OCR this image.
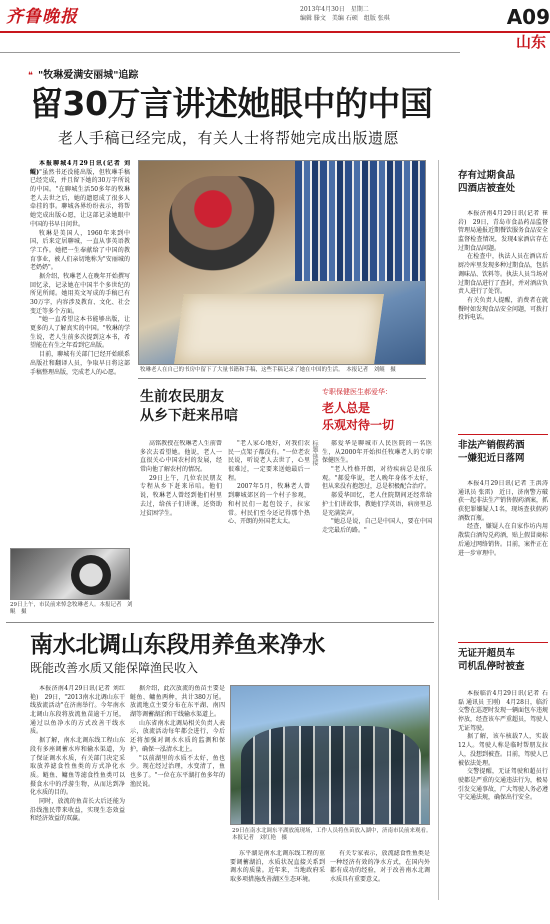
齐鲁晚报	2013年4月30日　星期二
编辑 滕文　美编 石硕　组版 张琪	A09
山东
❝ "牧琳爱满安丽城"追踪
留30万言讲述她眼中的中国
老人手稿已经完成，有关人士将帮她完成出版遗愿

本报聊城4月29日讯(记者 刘鲲)"虽然书还没能出版，但牧琳手稿已经完成，并且留下她的30万字所说的中国。"在聊城生活50多年的牧琳老人去世之后，她的遗愿成了很多人牵挂的事。聊城各界纷纷表示，将帮她完成出版心愿，让这部记录她眼中中国的书早日问世。

牧琳是美国人，1960年来到中国，后来定居聊城，一直从事英语教学工作。她把一生奉献给了中国的教育事业，被人们亲切地称为"安丽城的老奶奶"。

据介绍，牧琳老人在晚年开始撰写回忆录，记录她在中国半个多世纪的所见所闻。她用英文写成的手稿已有30万字，内容涉及教育、文化、社会变迁等多个方面。

"她一直希望这本书能够出版，让更多的人了解真实的中国。"牧琳的学生说，老人生前多次提到这本书，希望能在有生之年看到它出版。

目前，聊城有关部门已经开始联系出版社和翻译人员，争取早日将这部手稿整理出版，完成老人的心愿。	牧琳老人在自己的书房中留下了大量书籍和手稿，这些手稿记录了她在中国的生活。　本报记者　刘鲲　摄
生前农民朋友
从乡下赶来吊唁

高铭教授在牧琳老人生前曾多次去看望她。他说，老人一直很关心中国农村的发展，经常向他了解农村的情况。

29日上午，几位农民朋友专程从乡下赶来吊唁。他们说，牧琳老人曾经到他们村里去过，给孩子们讲课，还资助过贫困学生。

"老人家心地好，对我们农民一点架子都没有。"一位老农民说，听说老人去世了，心里很难过，一定要来送她最后一程。

2007年5月，牧琳老人曾到聊城郊区的一个村子参观，和村民们一起包饺子，拉家常。村民们至今还记得那个热心、开朗的外国老太太。

标题·链接
专职保健医生郝爱华：
老人总是
乐观对待一切

郝爱华是聊城市人民医院的一名医生，从2000年开始担任牧琳老人的专职保健医生。

"老人性格开朗，对待疾病总是很乐观。"郝爱华说，老人晚年身体不太好，但从来没有抱怨过，总是积极配合治疗。

郝爱华回忆，老人住院期间还经常给护士们讲故事，教她们学英语，病房里总是充满笑声。

"她总是说，自己是中国人，要在中国走完最后的路。"

29日上午，市民前来悼念牧琳老人。本报记者　刘鲲　摄
存有过期食品
四酒店被查处

本报济南4月29日讯(记者 崔岩)　29日，青岛市食品药品监督管理局通报近期餐饮服务食品安全监督检查情况，发现4家酒店存在过期食品问题。

在检查中，执法人员在酒店后厨冷库里发现多种过期食品，包括调味品、饮料等。执法人员当场对过期食品进行了查封，并对酒店负责人进行了处罚。

有关负责人提醒，消费者在就餐时如发现食品安全问题，可拨打投诉电话。

非法产销假药酒
一嫌犯近日落网

本报4月29日讯(记者 王洪涛 通讯员 张雷)　近日，济南警方破获一起非法生产销售假药酒案，抓获犯罪嫌疑人1名，现场查获假药酒数百瓶。

经查，嫌疑人在自家作坊内用散装白酒勾兑药酒，贴上假冒商标后通过网络销售。目前，案件正在进一步审理中。

无证开超员车
司机乱停时被查

本报临沂4月29日讯(记者 石磊 通讯员 王刚)　4月28日，临沂交警在巡逻时发现一辆面包车违规停放，经查该车严重超员，驾驶人无证驾驶。

据了解，该车核载7人，实载12人。驾驶人称是临时帮朋友拉人，没想到被查。目前，驾驶人已被依法处理。

交警提醒，无证驾驶和超员行驶都是严重的交通违法行为，极易引发交通事故，广大驾驶人务必遵守交通法规，确保出行安全。

南水北调山东段用养鱼来净水
既能改善水质又能保障渔民收入

本报济南4月29日讯(记者 刘红艳)　29日，"2013南水北调山东干线放流活动"在济南举行。今年南水北调山东段将放流鱼苗逾千万尾，通过以鱼净水的方式改善干线水质。

据了解，南水北调东线工程山东段有多座调蓄水库和输水渠道，为了保证调水水质，有关部门决定采取放养滤食性鱼类的方式净化水质。鲢鱼、鳙鱼等滤食性鱼类可以摄食水中的浮游生物，从而达到净化水质的目的。

同时，放流的鱼苗长大后还能为沿线渔民带来收益，实现生态效益和经济效益的双赢。

据介绍，此次放流的鱼苗主要是鲢鱼、鳙鱼两种，共计380万尾。放流地点主要分布在东平湖、南四湖等调蓄湖泊和干线输水渠道上。

山东省南水北调局相关负责人表示，放流活动每年都会进行，今后还将加强对调水水质的监测和保护，确保一泓清水北上。

"以前湖里的水质不太好，鱼也少。现在经过治理，水变清了，鱼也多了。"一位在东平湖打鱼多年的渔民说。

29日在南水北调东平湖放流现场，工作人员将鱼苗放入湖中，济南市民前来观看。　本报记者　刘红艳　摄

东平湖是南水北调东线工程的重要调蓄湖泊，水质状况直接关系到调水的质量。近年来，当地政府采取多项措施改善湖区生态环境。

有关专家表示，放流滤食性鱼类是一种经济有效的净水方式，在国内外都有成功的经验，对于改善南水北调水质具有重要意义。
